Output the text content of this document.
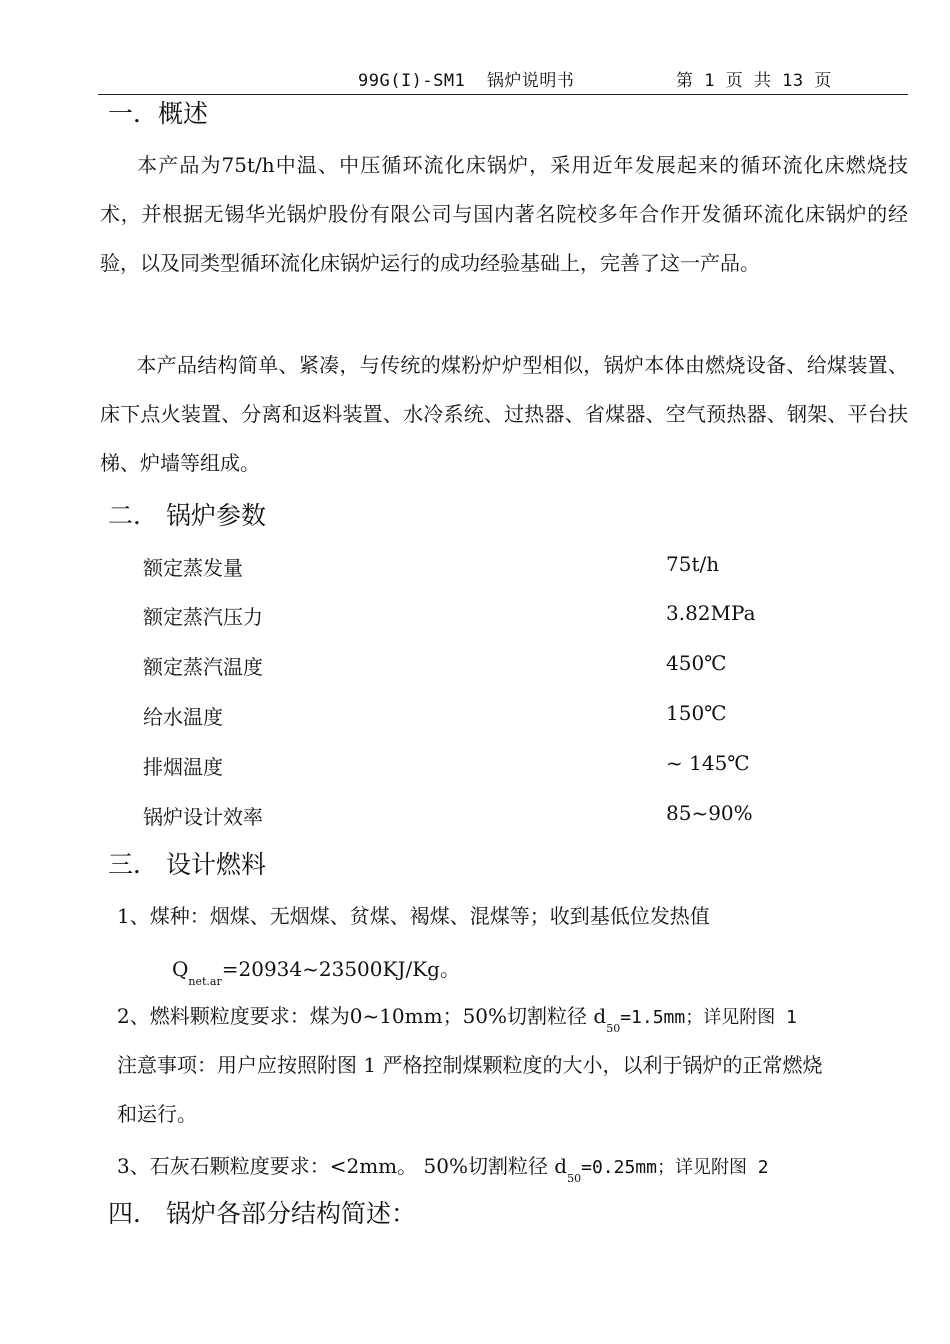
99G(I)-SM1 锅炉说明书	第 1 页 共 13 页
一．概述

本产品为75t/h中温、中压循环流化床锅炉，采用近年发展起来的循环流化床燃烧技术，并根据无锡华光锅炉股份有限公司与国内著名院校多年合作开发循环流化床锅炉的经验，以及同类型循环流化床锅炉运行的成功经验基础上，完善了这一产品。

本产品结构简单、紧凑，与传统的煤粉炉炉型相似，锅炉本体由燃烧设备、给煤装置、床下点火装置、分离和返料装置、水冷系统、过热器、省煤器、空气预热器、钢架、平台扶梯、炉墙等组成。

二． 锅炉参数
额定蒸发量	75t/h
额定蒸汽压力	3.82MPa
额定蒸汽温度	450℃
给水温度	150℃
排烟温度	~ 145℃
锅炉设计效率	85~90%
三． 设计燃料
1、煤种：烟煤、无烟煤、贫煤、褐煤、混煤等；收到基低位发热值
$Q_{net.ar}=20934\sim 23500KJ/Kg$。
2、燃料颗粒度要求：煤为0~10mm；50%切割粒径 $d_{50}=1.5mm$；详见附图 1
注意事项：用户应按照附图 1 严格控制煤颗粒度的大小，以利于锅炉的正常燃烧
和运行。
3、石灰石颗粒度要求：<2mm。 50%切割粒径 $d_{50}=0.25mm$；详见附图 2
四． 锅炉各部分结构简述：
